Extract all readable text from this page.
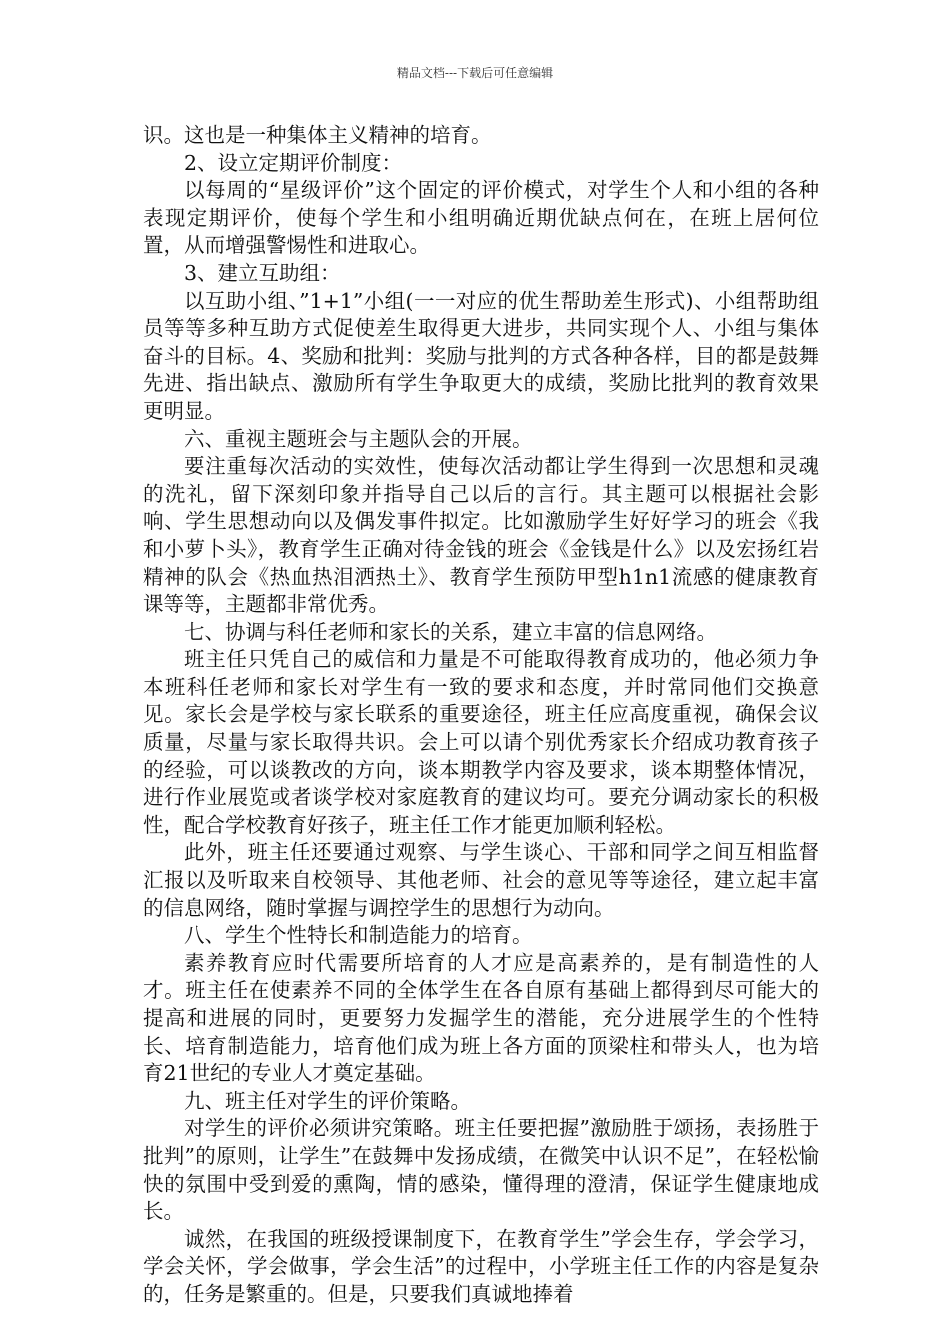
精品文档---下载后可任意编辑

识。这也是一种集体主义精神的培育。

2、设立定期评价制度：

以每周的“星级评价”这个固定的评价模式，对学生个人和小组的各种表现定期评价，使每个学生和小组明确近期优缺点何在，在班上居何位置，从而增强警惕性和进取心。

3、建立互助组：

以互助小组、”1+1”小组(一一对应的优生帮助差生形式)、小组帮助组员等等多种互助方式促使差生取得更大进步，共同实现个人、小组与集体奋斗的目标。4、奖励和批判：奖励与批判的方式各种各样，目的都是鼓舞先进、指出缺点、激励所有学生争取更大的成绩，奖励比批判的教育效果更明显。

六、重视主题班会与主题队会的开展。

要注重每次活动的实效性，使每次活动都让学生得到一次思想和灵魂的洗礼，留下深刻印象并指导自己以后的言行。其主题可以根据社会影响、学生思想动向以及偶发事件拟定。比如激励学生好好学习的班会《我和小萝卜头》，教育学生正确对待金钱的班会《金钱是什么》以及宏扬红岩精神的队会《热血热泪洒热土》、教育学生预防甲型h1n1流感的健康教育课等等，主题都非常优秀。

七、协调与科任老师和家长的关系，建立丰富的信息网络。

班主任只凭自己的威信和力量是不可能取得教育成功的，他必须力争本班科任老师和家长对学生有一致的要求和态度，并时常同他们交换意见。家长会是学校与家长联系的重要途径，班主任应高度重视，确保会议质量，尽量与家长取得共识。会上可以请个别优秀家长介绍成功教育孩子的经验，可以谈教改的方向，谈本期教学内容及要求，谈本期整体情况，进行作业展览或者谈学校对家庭教育的建议均可。要充分调动家长的积极性，配合学校教育好孩子，班主任工作才能更加顺利轻松。

此外，班主任还要通过观察、与学生谈心、干部和同学之间互相监督汇报以及听取来自校领导、其他老师、社会的意见等等途径，建立起丰富的信息网络，随时掌握与调控学生的思想行为动向。

八、学生个性特长和制造能力的培育。

素养教育应时代需要所培育的人才应是高素养的，是有制造性的人才。班主任在使素养不同的全体学生在各自原有基础上都得到尽可能大的提高和进展的同时，更要努力发掘学生的潜能，充分进展学生的个性特长、培育制造能力，培育他们成为班上各方面的顶梁柱和带头人，也为培育21世纪的专业人才奠定基础。

九、班主任对学生的评价策略。

对学生的评价必须讲究策略。班主任要把握”激励胜于颂扬，表扬胜于批判”的原则，让学生”在鼓舞中发扬成绩，在微笑中认识不足”，在轻松愉快的氛围中受到爱的熏陶，情的感染，懂得理的澄清，保证学生健康地成长。

诚然，在我国的班级授课制度下，在教育学生”学会生存，学会学习，学会关怀，学会做事，学会生活”的过程中，小学班主任工作的内容是复杂的，任务是繁重的。但是，只要我们真诚地捧着
